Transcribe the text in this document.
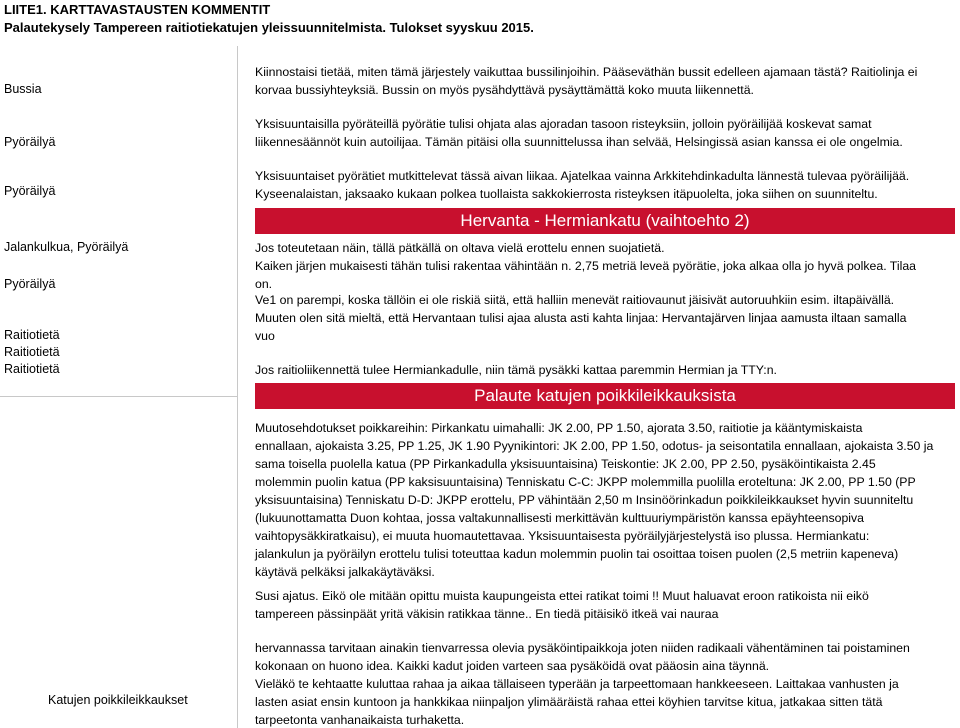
LIITE1. KARTTAVASTAUSTEN KOMMENTIT
Palautekysely Tampereen raitiotiekatujen yleissuunnitelmista. Tulokset syyskuu 2015.
Bussia
Pyöräilyä
Pyöräilyä
Jalankulkua, Pyöräilyä
Pyöräilyä
Raitiotietä
Raitiotietä
Raitiotietä
Katujen poikkileikkaukset
Kiinnostaisi tietää, miten tämä järjestely vaikuttaa bussilinjoihin. Pääseväthän bussit edelleen ajamaan tästä? Raitiolinja ei
korvaa bussiyhteyksiä. Bussin on myös pysähdyttävä pysäyttämättä koko muuta liikennettä.
Yksisuuntaisilla pyöräteillä pyörätie tulisi ohjata alas ajoradan tasoon risteyksiin, jolloin pyöräilijää koskevat samat
liikennesäännöt kuin autoilijaa. Tämän pitäisi olla suunnittelussa ihan selvää, Helsingissä asian kanssa ei ole ongelmia.
Yksisuuntaiset pyörätiet mutkittelevat tässä aivan liikaa. Ajatelkaa vainna Arkkitehdinkadulta lännestä tulevaa pyöräilijää.
Kyseenalaistan, jaksaako kukaan polkea tuollaista sakkokierrosta risteyksen itäpuolelta, joka siihen on suunniteltu.
Hervanta - Hermiankatu (vaihtoehto 2)
Jos toteutetaan näin, tällä pätkällä on oltava vielä erottelu ennen suojatietä.
Kaiken järjen mukaisesti tähän tulisi rakentaa vähintään n. 2,75 metriä leveä pyörätie, joka alkaa olla jo hyvä polkea. Tilaa
on.
Ve1 on parempi, koska tällöin ei ole riskiä siitä, että halliin menevät raitiovaunut jäisivät autoruuhkiin esim. iltapäivällä.
Muuten olen sitä mieltä, että Hervantaan tulisi ajaa alusta asti kahta linjaa: Hervantajärven linjaa aamusta iltaan samalla
vuo
Jos raitioliikennettä tulee Hermiankadulle, niin tämä pysäkki kattaa paremmin Hermian ja TTY:n.
Palaute katujen poikkileikkauksista
Muutosehdotukset poikkareihin: Pirkankatu uimahalli: JK 2.00, PP 1.50, ajorata 3.50, raitiotie ja kääntymiskaista
ennallaan, ajokaista 3.25, PP 1.25, JK 1.90 Pyynikintori: JK 2.00, PP 1.50, odotus- ja seisontatila ennallaan, ajokaista 3.50 ja
sama toisella puolella katua (PP Pirkankadulla yksisuuntaisina) Teiskontie: JK 2.00, PP 2.50, pysäköintikaista 2.45
molemmin puolin katua (PP kaksisuuntaisina) Tenniskatu C-C: JKPP molemmilla puolilla eroteltuna: JK 2.00, PP 1.50 (PP
yksisuuntaisina) Tenniskatu D-D: JKPP erottelu, PP vähintään 2,50 m Insinöörinkadun poikkileikkaukset hyvin suunniteltu
(lukuunottamatta Duon kohtaa, jossa valtakunnallisesti merkittävän kulttuuriympäristön kanssa epäyhteensopiva
vaihtopysäkkiratkaisu), ei muuta huomautettavaa. Yksisuuntaisesta pyöräilyjärjestelystä iso plussa. Hermiankatu:
jalankulun ja pyöräilyn erottelu tulisi toteuttaa kadun molemmin puolin tai osoittaa toisen puolen (2,5 metriin kapeneva)
käytävä pelkäksi jalkakäytäväksi.
Susi ajatus. Eikö ole mitään opittu muista kaupungeista ettei ratikat toimi !! Muut haluavat eroon ratikoista nii eikö
tampereen pässinpäät yritä väkisin ratikkaa tänne.. En tiedä pitäisikö itkeä vai nauraa
hervannassa tarvitaan ainakin tienvarressa olevia pysäköintipaikkoja joten niiden radikaali vähentäminen tai poistaminen
kokonaan on huono idea. Kaikki kadut joiden varteen saa pysäköidä ovat pääosin aina täynnä.
Vieläkö te kehtaatte kuluttaa rahaa ja aikaa tällaiseen typerään ja tarpeettomaan hankkeeseen. Laittakaa vanhusten ja
lasten asiat ensin kuntoon ja hankkikaa niinpaljon ylimääräistä rahaa ettei köyhien tarvitse kitua, jatkakaa sitten tätä
tarpeetonta vanhanaikaista turhaketta.
